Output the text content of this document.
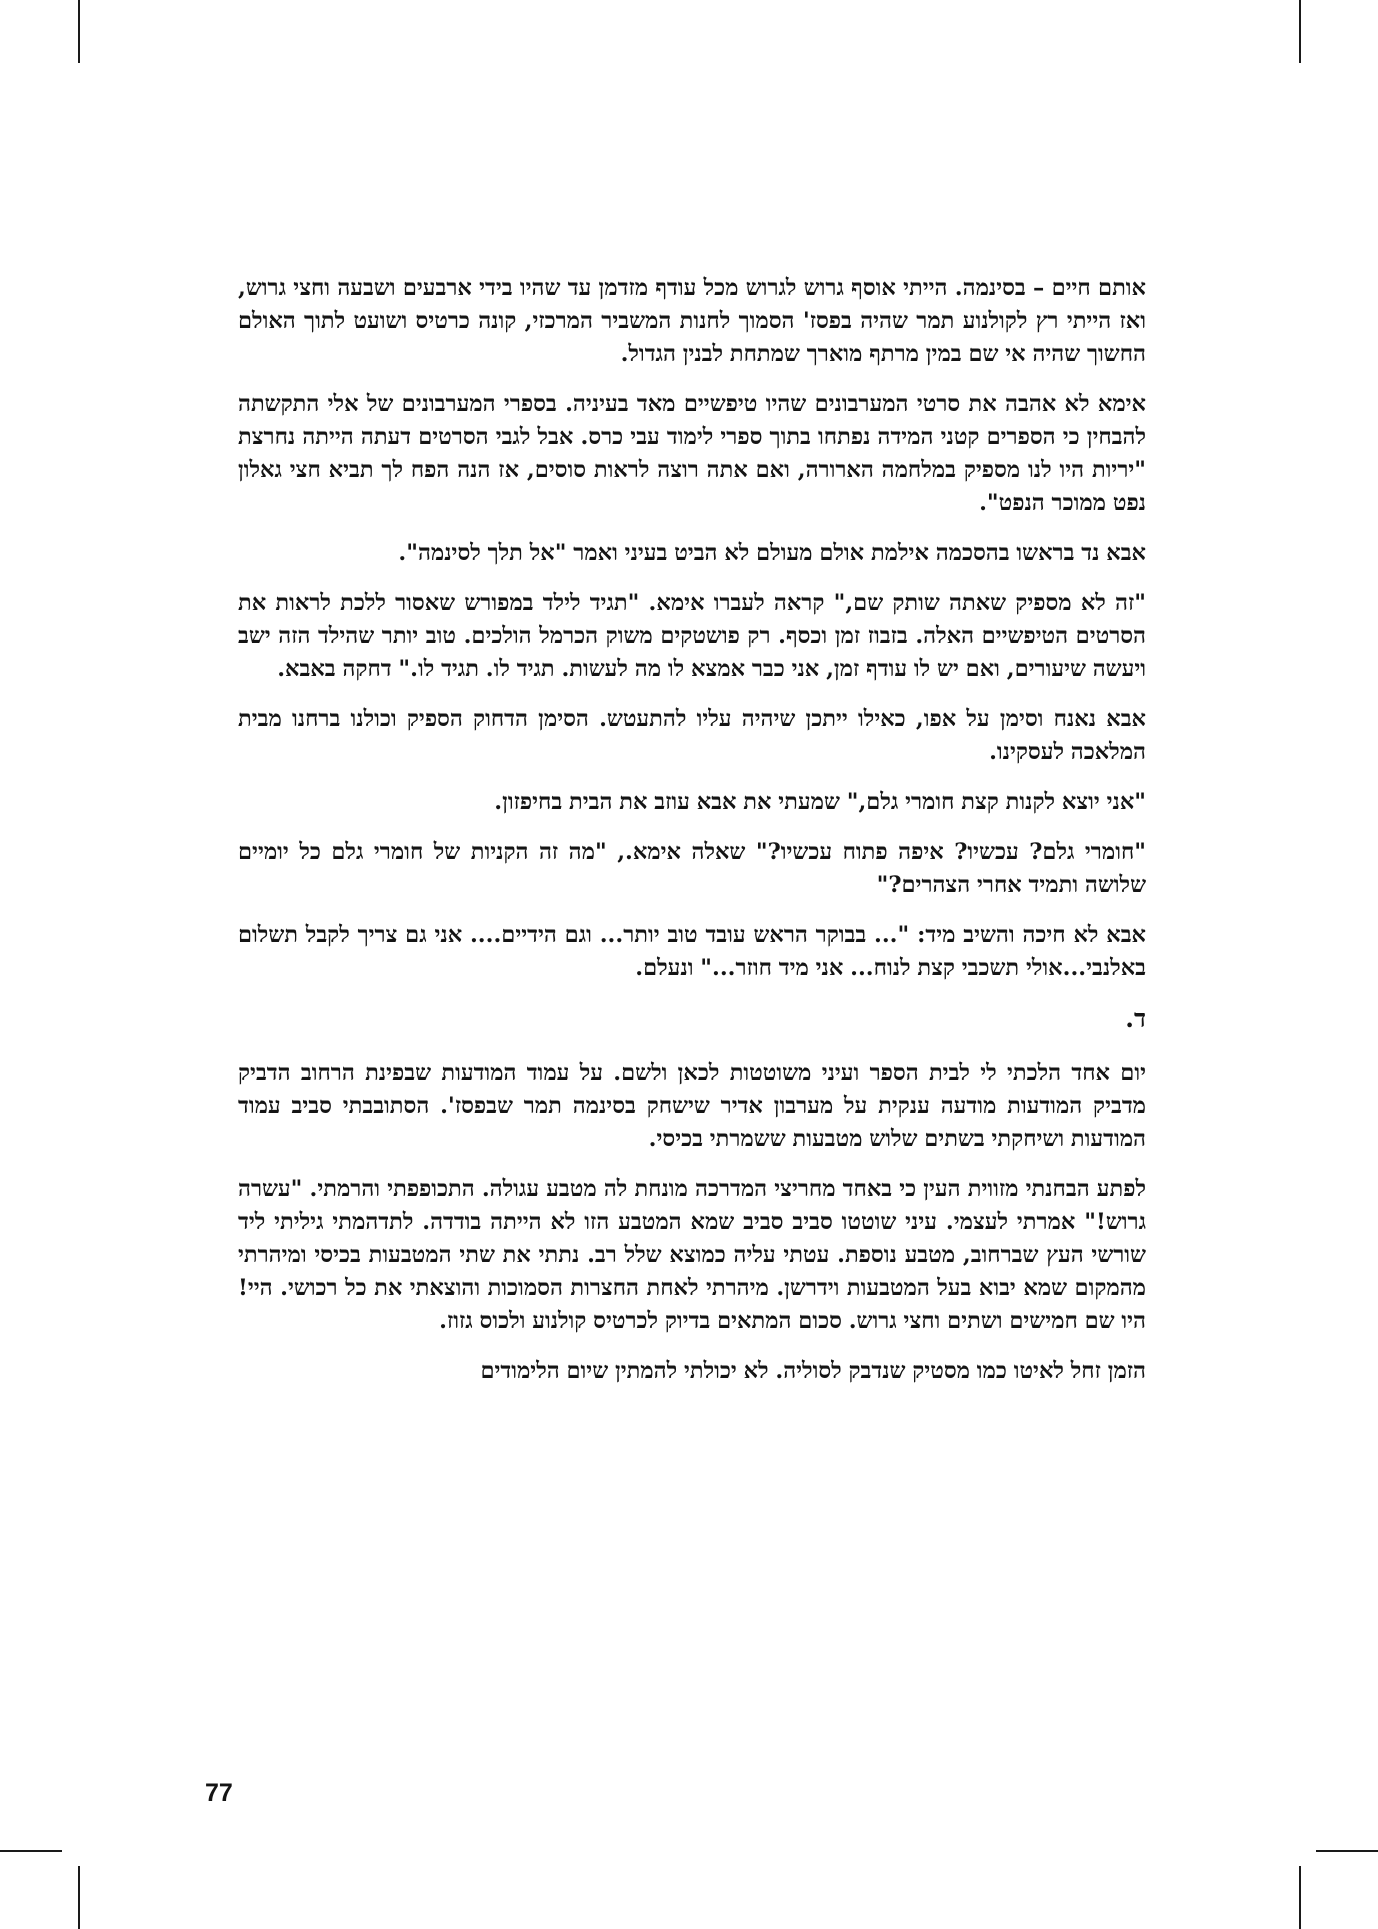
אותם חיים – בסינמה. הייתי אוסף גרוש לגרוש מכל עודף מזדמן עד שהיו בידי ארבעים ושבעה וחצי גרוש, ואז הייתי רץ לקולנוע תמר שהיה בפסז' הסמוך לחנות המשביר המרכזי, קונה כרטיס ושועט לתוך האולם החשוך שהיה אי שם במין מרתף מוארך שמתחת לבנין הגדול.

אימא לא אהבה את סרטי המערבונים שהיו טיפשיים מאד בעיניה. בספרי המערבונים של אלי התקשתה להבחין כי הספרים קטני המידה נפתחו בתוך ספרי לימוד עבי כרס. אבל לגבי הסרטים דעתה הייתה נחרצת "יריות היו לנו מספיק במלחמה הארורה, ואם אתה רוצה לראות סוסים, אז הנה הפח לך תביא חצי גאלון נפט ממוכר הנפט".

אבא נד בראשו בהסכמה אילמת אולם מעולם לא הביט בעיני ואמר "אל תלך לסינמה".

"זה לא מספיק שאתה שותק שם," קראה לעברו אימא. "תגיד לילד במפורש שאסור ללכת לראות את הסרטים הטיפשיים האלה. בזבוז זמן וכסף. רק פושטקים משוק הכרמל הולכים. טוב יותר שהילד הזה ישב ויעשה שיעורים, ואם יש לו עודף זמן, אני כבר אמצא לו מה לעשות. תגיד לו. תגיד לו." דחקה באבא.

אבא נאנח וסימן על אפו, כאילו ייתכן שיהיה עליו להתעטש. הסימן הדחוק הספיק וכולנו ברחנו מבית המלאכה לעסקינו.

"אני יוצא לקנות קצת חומרי גלם," שמעתי את אבא עוזב את הבית בחיפזון.

"חומרי גלם? עכשיו? איפה פתוח עכשיו?" שאלה אימא., "מה זה הקניות של חומרי גלם כל יומיים שלושה ותמיד אחרי הצהרים?"

אבא לא חיכה והשיב מיד: "... בבוקר הראש עובד טוב יותר... וגם הידיים.... אני גם צריך לקבל תשלום באלנבי...אולי תשכבי קצת לנוח... אני מיד חוזר..." ונעלם.

ד.

יום אחד הלכתי לי לבית הספר ועיני משוטטות לכאן ולשם. על עמוד המודעות שבפינת הרחוב הדביק מדביק המודעות מודעה ענקית על מערבון אדיר שישחק בסינמה תמר שבפסז'. הסתובבתי סביב עמוד המודעות ושיחקתי בשתים שלוש מטבעות ששמרתי בכיסי.

לפתע הבחנתי מזווית העין כי באחד מחריצי המדרכה מונחת לה מטבע עגולה. התכופפתי והרמתי. "עשרה גרוש!" אמרתי לעצמי. עיני שוטטו סביב סביב שמא המטבע הזו לא הייתה בודדה. לתדהמתי גיליתי ליד שורשי העץ שברחוב, מטבע נוספת. עטתי עליה כמוצא שלל רב. נתתי את שתי המטבעות בכיסי ומיהרתי מהמקום שמא יבוא בעל המטבעות וידרשן. מיהרתי לאחת החצרות הסמוכות והוצאתי את כל רכושי. היי! היו שם חמישים ושתים וחצי גרוש. סכום המתאים בדיוק לכרטיס קולנוע ולכוס גזוז.

הזמן זחל לאיטו כמו מסטיק שנדבק לסוליה. לא יכולתי להמתין שיום הלימודים

77
